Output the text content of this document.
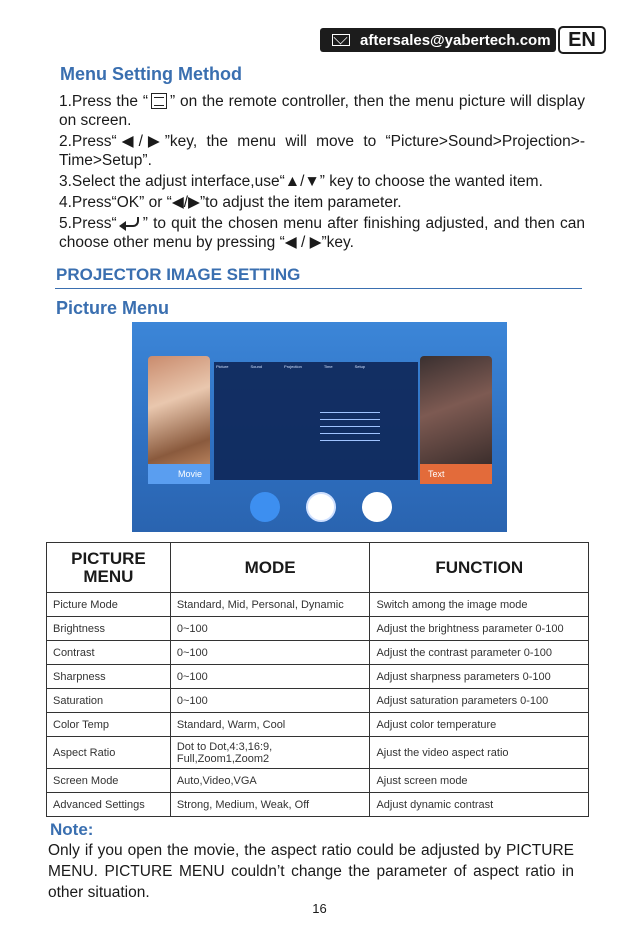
aftersales@yabertech.com EN
Menu Setting Method

1.Press the “ ” on the remote controller, then the menu picture will display on screen.

2.Press“◀/▶”key, the menu will move to “Picture>Sound>Projection>-Time>Setup”.

3.Select the adjust interface,use“▲/▼” key to choose the wanted item.

4.Press“OK” or “◀/▶”to adjust the item parameter.

5.Press“ ” to quit the chosen menu after finishing adjusted, and then can choose other menu by pressing “◀ / ▶”key.

PROJECTOR IMAGE SETTING
Picture Menu
Movie	Text
Picture	Sound	Projection	Time	Setup
PICTURE MENU	MODE	FUNCTION
Picture Mode	Standard, Mid, Personal, Dynamic	Switch among the image mode
Brightness	0~100	Adjust the brightness parameter 0-100
Contrast	0~100	Adjust the contrast parameter 0-100
Sharpness	0~100	Adjust sharpness parameters 0-100
Saturation	0~100	Adjust saturation parameters 0-100
Color Temp	Standard, Warm, Cool	Adjust color temperature
Aspect Ratio	Dot to Dot,4:3,16:9, Full,Zoom1,Zoom2	Ajust the video aspect ratio
Screen Mode	Auto,Video,VGA	Ajust screen mode
Advanced Settings	Strong, Medium, Weak, Off	Adjust dynamic contrast
Note:

Only if you open the movie, the aspect ratio could be adjusted by PICTURE MENU. PICTURE MENU couldn’t change the parameter of aspect ratio in other situation.

16
